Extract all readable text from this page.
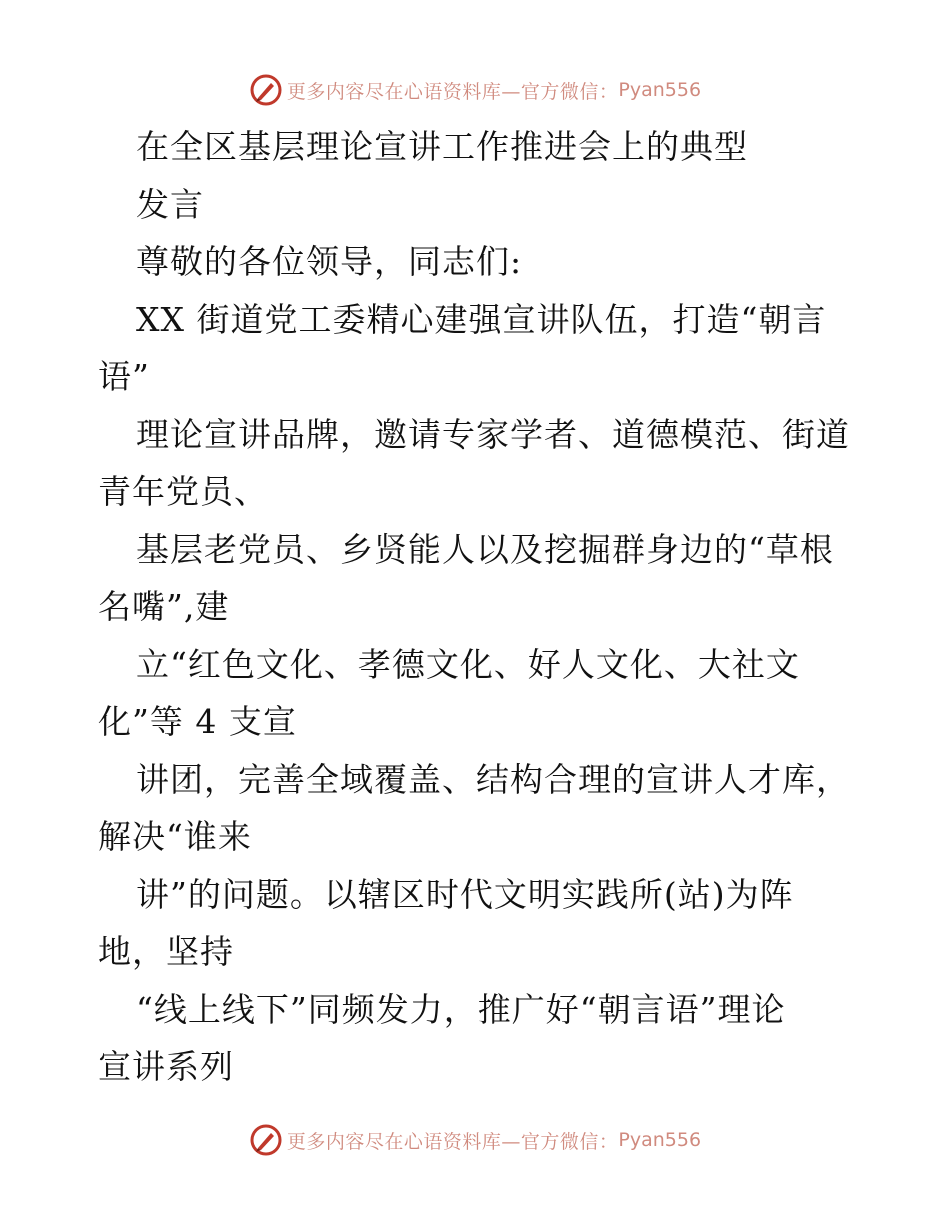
更多内容尽在心语资料库—官方微信： Pyan556
在全区基层理论宣讲工作推进会上的典型
发言
尊敬的各位领导，同志们:
XX 街道党工委精心建强宣讲队伍，打造“朝言
语”
理论宣讲品牌，邀请专家学者、道德模范、街道
青年党员、
基层老党员、乡贤能人以及挖掘群身边的“草根
名嘴”,建
立“红色文化、孝德文化、好人文化、大社文
化”等 4 支宣
讲团，完善全域覆盖、结构合理的宣讲人才库，
解决“谁来
讲”的问题。以辖区时代文明实践所(站)为阵
地，坚持
“线上线下”同频发力，推广好“朝言语”理论
宣讲系列
更多内容尽在心语资料库—官方微信： Pyan556
